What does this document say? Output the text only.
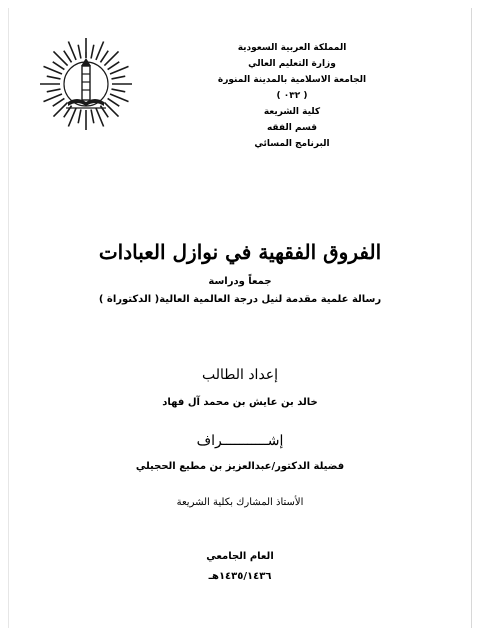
المملكة العربية السعودية
وزارة التعليم العالي
الجامعة الاسلامية بالمدينة المنورة
( ٠٣٢ )
كلية الشريعة
قسم الفقه
البرنامج المسائي
الفروق الفقهية في نوازل العبادات
جمعاً ودراسة
رسالة علمية مقدمة لنيل درجة العالمية العالية( الدكتوراة )
إعداد الطالب
خالد بن عايش بن محمد آل فهاد
إشـــــــــــراف
فضيلة الدكتور/عبدالعزيز بن مطيع الحجيلي
الأستاذ المشارك بكلية الشريعة
العام الجامعي
١٤٣٥/١٤٣٦هـ
